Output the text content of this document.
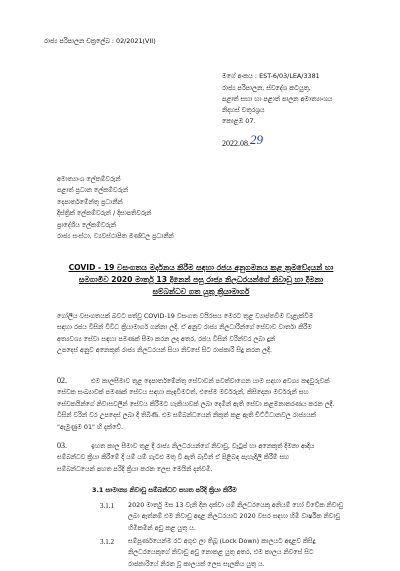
රාජ්‍ය පරිපාලන චක්‍රලේඛ : 02/2021(VII)
මගේ අංකය : EST-6/03/LEA/3381
රාජ්‍ය පරිපාලන, ස්වදේශ කටයුතු,
පළාත් සභා හා පළාත් පාලන අමාත්‍යාංශය
නිදහස් චතුරශ්‍රය
කොළඹ 07.
2022.08. 29
අමාත්‍යාංශ ලේකම්වරුන්
පළාත් ප්‍රධාන ලේකම්වරුන්
දෙපාර්තමේන්තු ප්‍රධානීන්
දිස්ත්‍රික් ලේකම්වරුන් / දිසාපතිවරුන්
ප්‍රාදේශීය ලේකම්වරුන්
රාජ්‍ය සංස්ථා, ව්‍යවස්ථාපිත මණ්ඩල ප්‍රධානීන්
COVID - 19 වසංගතය මර්දනය කිරීම සඳහා රජය අනුගමනය කළ ක්‍රමවේදයන් හා
සමගාමීව 2020 මාර්තු 13 දිනෙන් පසු රාජ්‍ය නිලධරයන්ගේ නිවාඩු හා දීමනා
සම්බන්ධව ගත යුතු ක්‍රියාමාර්ග
ගෝලීය වසංගතයක් බවට පත්වූ COVID-19 වසංගත වයිරසය මෙරට තුළ ව්‍යාප්තවීම වැළැක්වීම
සඳහා රජය විසින් විවිධ ක්‍රියාමාර්ග ගන්නා ලදී. ඒ අනුව රාජ්‍ය නිලධාරීන්ගේ සේවාව වාර්තා කිරීම
අත්‍යවශ්‍ය සේවා සඳහා පමණක් සීමා කරන ලද අතර, රජය විසින් වරින්වර ලබා දුන්
උපදෙස් අනුව අනෙකුත් රාජ්‍ය නිලධරයන් සියා නිවසේ සිට රාජකාරි සිදු කරන ලදී.
02.	එම කාලසීමාව තුළ දෙපාර්තමේන්තු සේවාවන් පවත්වාගෙන යාම සඳහා අවශ්‍ය කඳවුරුවක්
සේවක සංඛ්‍යාවක් පමණක් සේවය සඳහා කැඳවීමටත්, එසේම මර්වරුන්, කිසිදෙනා මර්වරුන් සහ
සේවකයින්ගේ නිවාසවලින් සේවය කිරීමට හැකියාවක් ලබා දෙමින් ඇති සේවා කළමනාකරණය කරන ලදී.
විසින් වරින් වර උපදෙස් ලබා දී තිබිණි. එම සම්බන්ධයෙන් නිකුත් කළ ඇති චිට්ටිධානවල රාජ්‍යයක්
"ඇමුණුම 01" හි දැක්වේ.
03.	ඉහත කාල සීමාව තුළ දී රාජ්‍ය නිලධරයන්ගේ නිවාඩු, වැටුප් හා අනෙකුත් දීමනා ආදිය
සම්බන්ධව ක්‍රියා කිරීමේ දී යම් යම් ගැටළු මතු වී ඇති බැවින් ඒ පිළිබඳ පැහැදිලි කිරීම් සහ
සම්බන්ධයෙන් පහත පරිදි ක්‍රියා කරන ලෙස මෙයින් දන්වමි.
3.1 සාමාන්‍ය නිවාඩු සම්බන්ධව පහත පරිදි ක්‍රියා කිරීම
3.1.1 2020 මාර්තු මස 13 වැනි දින දක්වා යම් නිලධරයෙකු අනියම් හෝ විවේක නිවාඩු
ලබා ඇත්නම් එම නිවාඩු අදාළ නිලධරයාට 2020 වසර සඳහා හිමි වාර්ෂික නිවාඩු
හිමිකමින් අඩු කළ යුතු ය.
3.1.2 සම්පූර්ණයෙන්ම රට අගුළු ලා තිබූ (Lock Down) කාලයට අදාළව කිසිදු
නිලධරයෙකුගේ නිවාඩු අඩු නොකළ යුතු අතර, එම කාලය නිවසේ සිට
රාජකාරියේ නිරත වූ කාලයක් ලෙස සැලකිය යුතු ය.
